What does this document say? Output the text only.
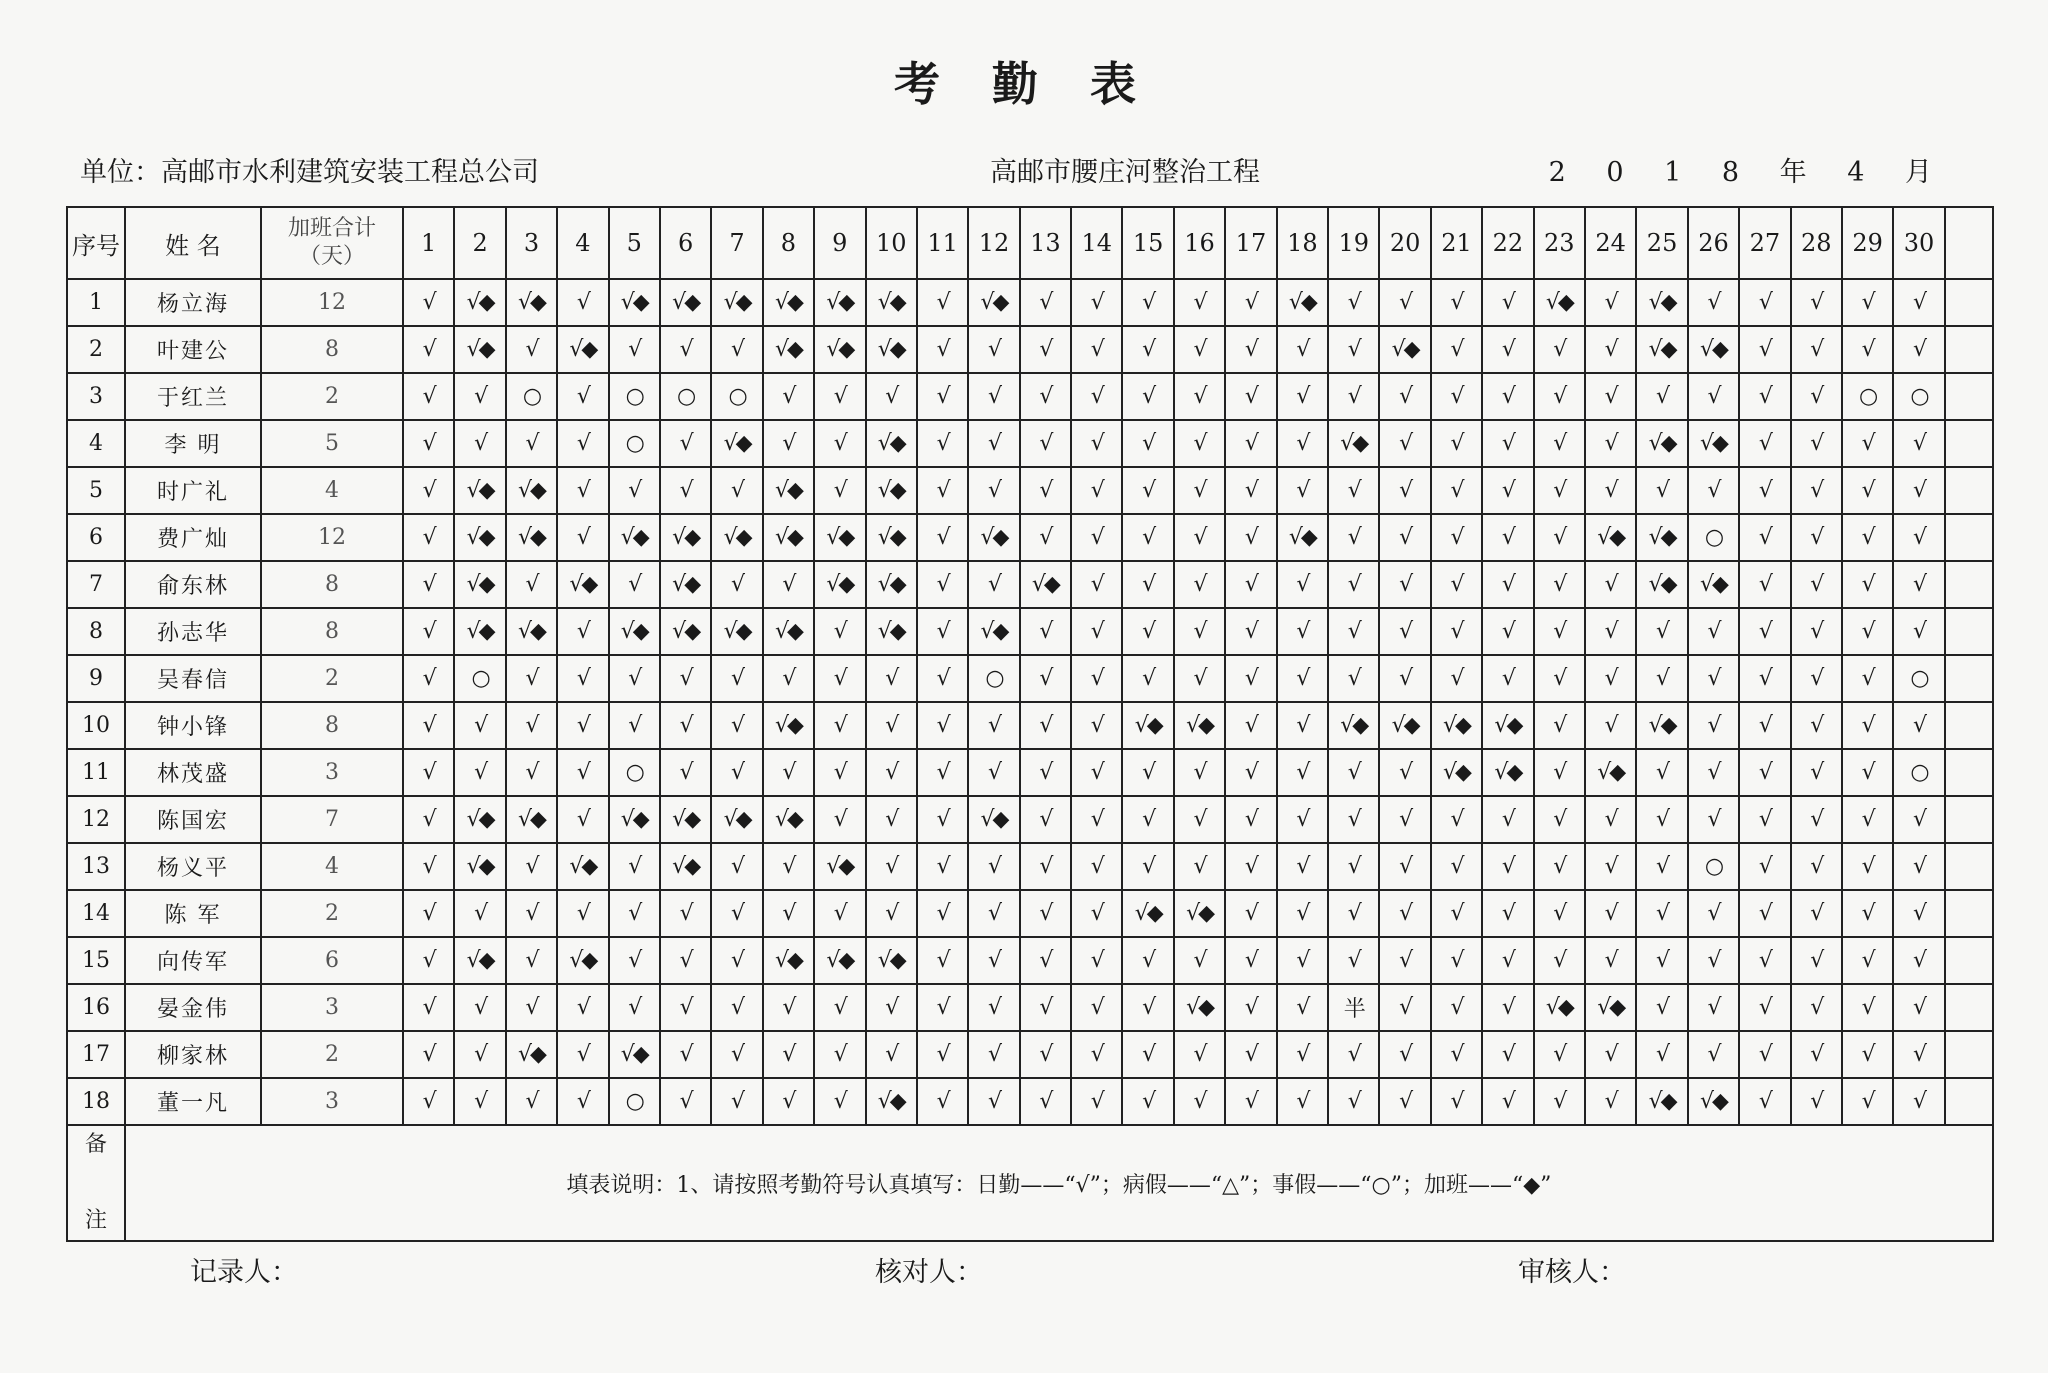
考 勤 表
单位：高邮市水利建筑安装工程总公司	高邮市腰庄河整治工程	2 0 1 8 年 4 月
序号	姓 名	加班合计（天）	1	2	3	4	5	6	7	8	9	10	11	12	13	14	15	16	17	18	19	20	21	22	23	24	25	26	27	28	29	30	
1	杨立海	12	√	√◆	√◆	√	√◆	√◆	√◆	√◆	√◆	√◆	√	√◆	√	√	√	√	√	√◆	√	√	√	√	√◆	√	√◆	√	√	√	√	√	
2	叶建公	8	√	√◆	√	√◆	√	√	√	√◆	√◆	√◆	√	√	√	√	√	√	√	√	√	√◆	√	√	√	√	√◆	√◆	√	√	√	√	
3	于红兰	2	√	√	○	√	○	○	○	√	√	√	√	√	√	√	√	√	√	√	√	√	√	√	√	√	√	√	√	√	○	○	
4	李 明	5	√	√	√	√	○	√	√◆	√	√	√◆	√	√	√	√	√	√	√	√	√◆	√	√	√	√	√	√◆	√◆	√	√	√	√	
5	时广礼	4	√	√◆	√◆	√	√	√	√	√◆	√	√◆	√	√	√	√	√	√	√	√	√	√	√	√	√	√	√	√	√	√	√	√	
6	费广灿	12	√	√◆	√◆	√	√◆	√◆	√◆	√◆	√◆	√◆	√	√◆	√	√	√	√	√	√◆	√	√	√	√	√	√◆	√◆	○	√	√	√	√	
7	俞东林	8	√	√◆	√	√◆	√	√◆	√	√	√◆	√◆	√	√	√◆	√	√	√	√	√	√	√	√	√	√	√	√◆	√◆	√	√	√	√	
8	孙志华	8	√	√◆	√◆	√	√◆	√◆	√◆	√◆	√	√◆	√	√◆	√	√	√	√	√	√	√	√	√	√	√	√	√	√	√	√	√	√	
9	吴春信	2	√	○	√	√	√	√	√	√	√	√	√	○	√	√	√	√	√	√	√	√	√	√	√	√	√	√	√	√	√	○	
10	钟小锋	8	√	√	√	√	√	√	√	√◆	√	√	√	√	√	√	√◆	√◆	√	√	√◆	√◆	√◆	√◆	√	√	√◆	√	√	√	√	√	
11	林茂盛	3	√	√	√	√	○	√	√	√	√	√	√	√	√	√	√	√	√	√	√	√	√◆	√◆	√	√◆	√	√	√	√	√	○	
12	陈国宏	7	√	√◆	√◆	√	√◆	√◆	√◆	√◆	√	√	√	√◆	√	√	√	√	√	√	√	√	√	√	√	√	√	√	√	√	√	√	
13	杨义平	4	√	√◆	√	√◆	√	√◆	√	√	√◆	√	√	√	√	√	√	√	√	√	√	√	√	√	√	√	√	○	√	√	√	√	
14	陈 军	2	√	√	√	√	√	√	√	√	√	√	√	√	√	√	√◆	√◆	√	√	√	√	√	√	√	√	√	√	√	√	√	√	
15	向传军	6	√	√◆	√	√◆	√	√	√	√◆	√◆	√◆	√	√	√	√	√	√	√	√	√	√	√	√	√	√	√	√	√	√	√	√	
16	晏金伟	3	√	√	√	√	√	√	√	√	√	√	√	√	√	√	√	√◆	√	√	半	√	√	√	√◆	√◆	√	√	√	√	√	√	
17	柳家林	2	√	√	√◆	√	√◆	√	√	√	√	√	√	√	√	√	√	√	√	√	√	√	√	√	√	√	√	√	√	√	√	√	
18	董一凡	3	√	√	√	√	○	√	√	√	√	√◆	√	√	√	√	√	√	√	√	√	√	√	√	√	√	√◆	√◆	√	√	√	√	
备

注	填表说明：1、请按照考勤符号认真填写：日勤——“√”；病假——“△”；事假——“○”；加班——“◆”																																
记录人：	核对人：	审核人：
